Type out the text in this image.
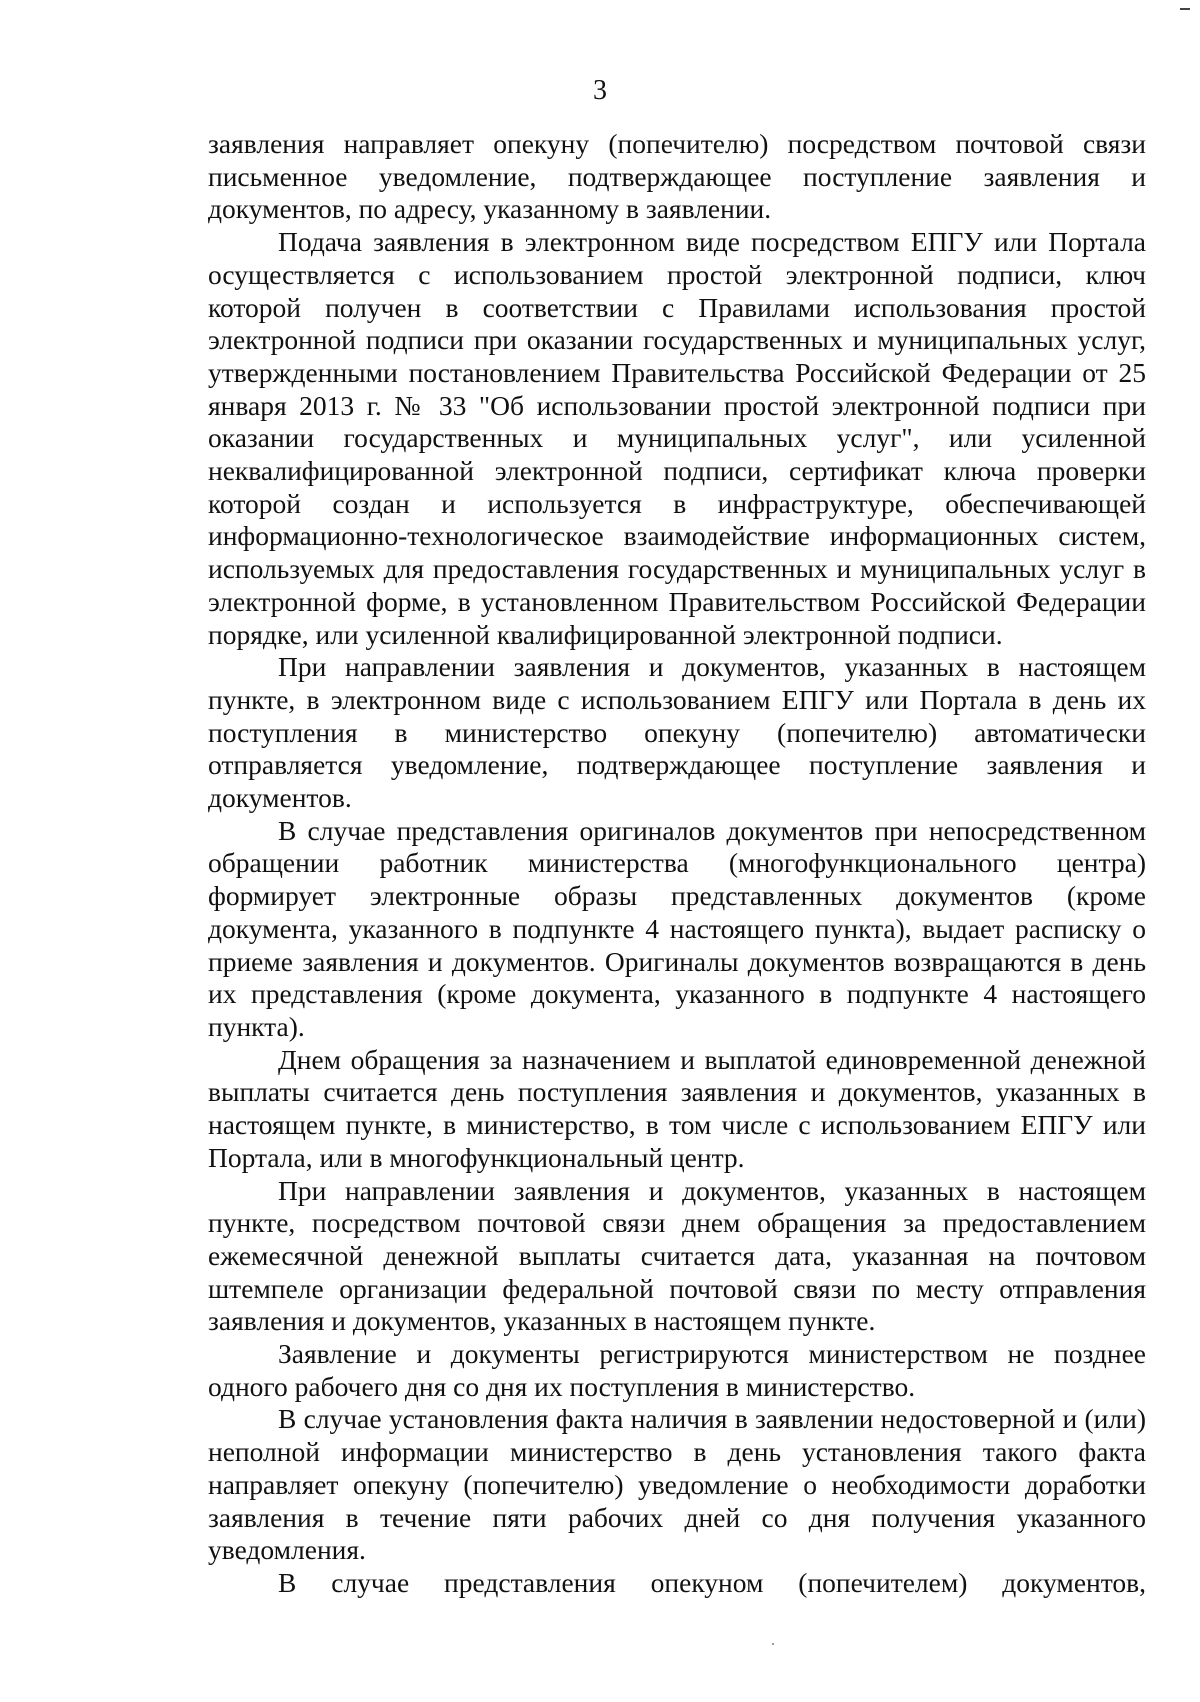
3

заявления направляет опекуну (попечителю) посредством почтовой связи письменное уведомление, подтверждающее поступление заявления и документов, по адресу, указанному в заявлении.

Подача заявления в электронном виде посредством ЕПГУ или Портала осуществляется с использованием простой электронной подписи, ключ которой получен в соответствии с Правилами использования простой электронной подписи при оказании государственных и муниципальных услуг, утвержденными постановлением Правительства Российской Федерации от 25 января 2013 г. № 33 "Об использовании простой электронной подписи при оказании государственных и муниципальных услуг", или усиленной неквалифицированной электронной подписи, сертификат ключа проверки которой создан и используется в инфраструктуре, обеспечивающей информационно-технологическое взаимодействие информационных систем, используемых для предоставления государственных и муниципальных услуг в электронной форме, в установленном Правительством Российской Федерации порядке, или усиленной квалифицированной электронной подписи.

При направлении заявления и документов, указанных в настоящем пункте, в электронном виде с использованием ЕПГУ или Портала в день их поступления в министерство опекуну (попечителю) автоматически отправляется уведомление, подтверждающее поступление заявления и документов.

В случае представления оригиналов документов при непосредственном обращении работник министерства (многофункционального центра) формирует электронные образы представленных документов (кроме документа, указанного в подпункте 4 настоящего пункта), выдает расписку о приеме заявления и документов. Оригиналы документов возвращаются в день их представления (кроме документа, указанного в подпункте 4 настоящего пункта).

Днем обращения за назначением и выплатой единовременной денежной выплаты считается день поступления заявления и документов, указанных в настоящем пункте, в министерство, в том числе с использованием ЕПГУ или Портала, или в многофункциональный центр.

При направлении заявления и документов, указанных в настоящем пункте, посредством почтовой связи днем обращения за предоставлением ежемесячной денежной выплаты считается дата, указанная на почтовом штемпеле организации федеральной почтовой связи по месту отправления заявления и документов, указанных в настоящем пункте.

Заявление и документы регистрируются министерством не позднее одного рабочего дня со дня их поступления в министерство.

В случае установления факта наличия в заявлении недостоверной и (или) неполной информации министерство в день установления такого факта направляет опекуну (попечителю) уведомление о необходимости доработки заявления в течение пяти рабочих дней со дня получения указанного уведомления.

В случае представления опекуном (попечителем) документов,
